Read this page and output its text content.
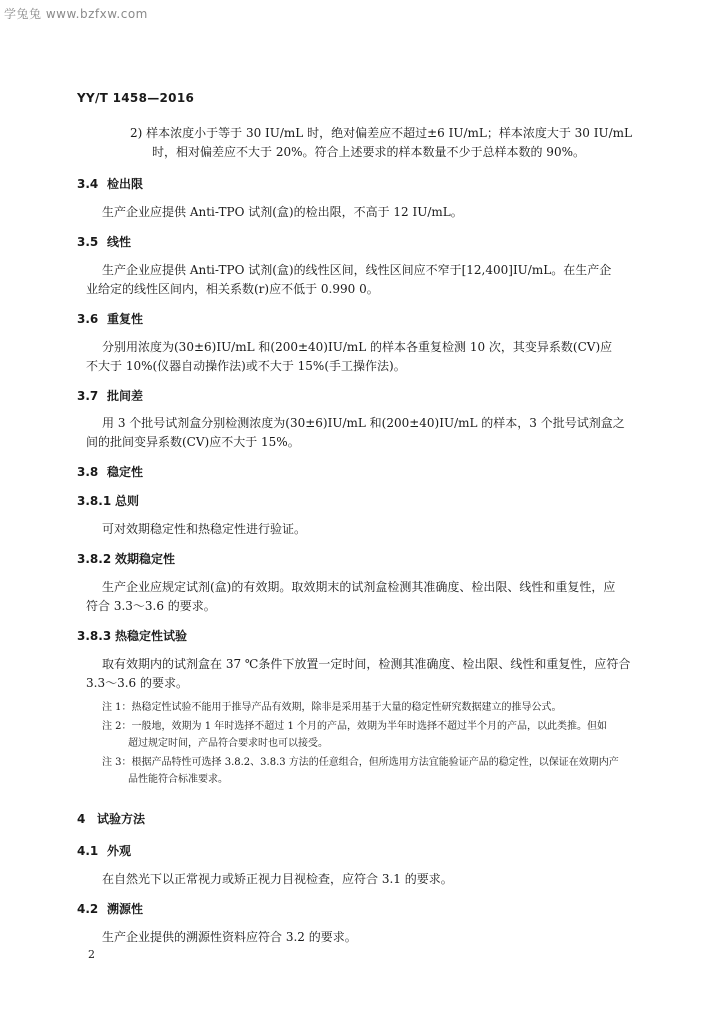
学兔兔 www.bzfxw.com
YY/T 1458—2016
2) 样本浓度小于等于 30 IU/mL 时，绝对偏差应不超过±6 IU/mL；样本浓度大于 30 IU/mL
时，相对偏差应不大于 20%。符合上述要求的样本数量不少于总样本数的 90%。
3.4 检出限
生产企业应提供 Anti-TPO 试剂(盒)的检出限，不高于 12 IU/mL。
3.5 线性
生产企业应提供 Anti-TPO 试剂(盒)的线性区间，线性区间应不窄于[12,400]IU/mL。在生产企
业给定的线性区间内，相关系数(r)应不低于 0.990 0。
3.6 重复性
分别用浓度为(30±6)IU/mL 和(200±40)IU/mL 的样本各重复检测 10 次，其变异系数(CV)应
不大于 10%(仪器自动操作法)或不大于 15%(手工操作法)。
3.7 批间差
用 3 个批号试剂盒分别检测浓度为(30±6)IU/mL 和(200±40)IU/mL 的样本，3 个批号试剂盒之
间的批间变异系数(CV)应不大于 15%。
3.8 稳定性
3.8.1 总则
可对效期稳定性和热稳定性进行验证。
3.8.2 效期稳定性
生产企业应规定试剂(盒)的有效期。取效期末的试剂盒检测其准确度、检出限、线性和重复性，应
符合 3.3～3.6 的要求。
3.8.3 热稳定性试验
取有效期内的试剂盒在 37 ℃条件下放置一定时间，检测其准确度、检出限、线性和重复性，应符合
3.3～3.6 的要求。
注 1：热稳定性试验不能用于推导产品有效期，除非是采用基于大量的稳定性研究数据建立的推导公式。
注 2：一般地，效期为 1 年时选择不超过 1 个月的产品，效期为半年时选择不超过半个月的产品，以此类推。但如
超过规定时间，产品符合要求时也可以接受。
注 3：根据产品特性可选择 3.8.2、3.8.3 方法的任意组合，但所选用方法宜能验证产品的稳定性，以保证在效期内产
品性能符合标准要求。
4 试验方法
4.1 外观
在自然光下以正常视力或矫正视力目视检查，应符合 3.1 的要求。
4.2 溯源性
生产企业提供的溯源性资料应符合 3.2 的要求。
2
